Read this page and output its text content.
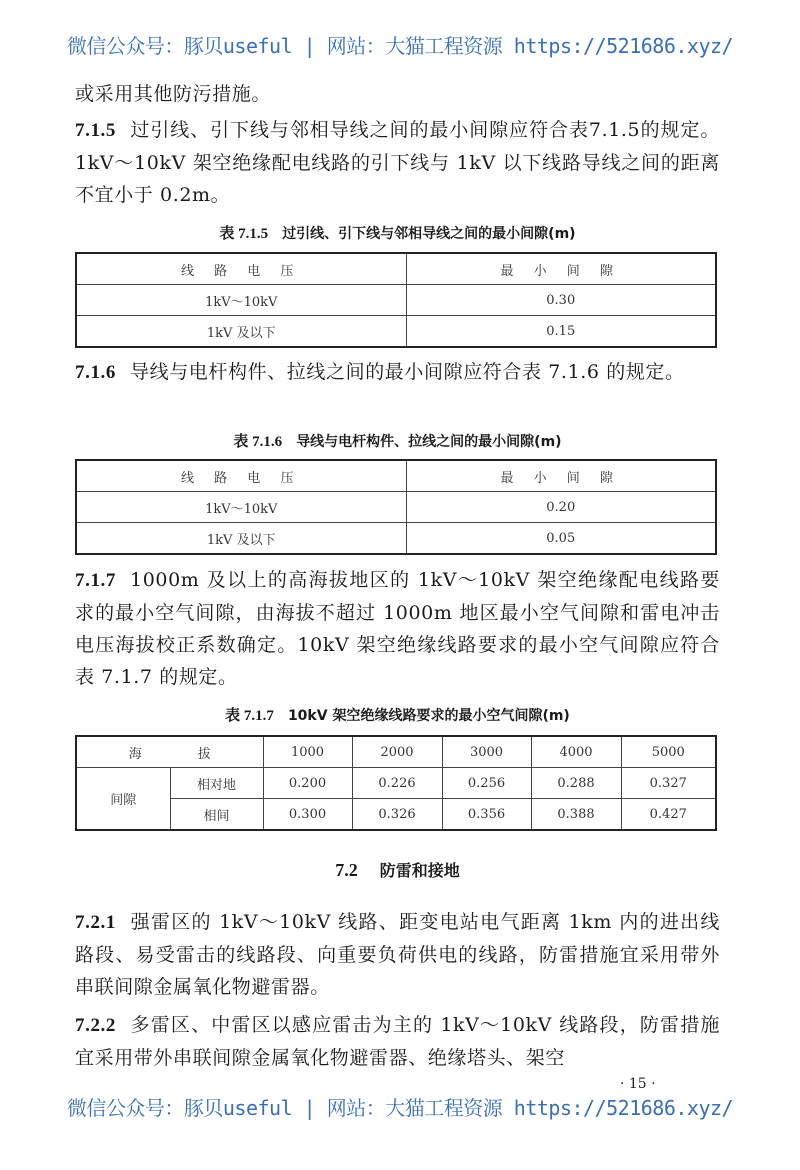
微信公众号：豚贝useful | 网站：大猫工程资源 https://521686.xyz/
或采用其他防污措施。
7.1.5 过引线、引下线与邻相导线之间的最小间隙应符合表7.1.5的规定。1kV～10kV 架空绝缘配电线路的引下线与 1kV 以下线路导线之间的距离不宜小于 0.2m。
表 7.1.5 过引线、引下线与邻相导线之间的最小间隙(m)
线 路 电 压	最 小 间 隙
1kV～10kV	0.30
1kV 及以下	0.15
7.1.6 导线与电杆构件、拉线之间的最小间隙应符合表 7.1.6 的规定。
表 7.1.6 导线与电杆构件、拉线之间的最小间隙(m)
线 路 电 压	最 小 间 隙
1kV～10kV	0.20
1kV 及以下	0.05
7.1.7 1000m 及以上的高海拔地区的 1kV～10kV 架空绝缘配电线路要求的最小空气间隙，由海拔不超过 1000m 地区最小空气间隙和雷电冲击电压海拔校正系数确定。10kV 架空绝缘线路要求的最小空气间隙应符合表 7.1.7 的规定。
表 7.1.7 10kV 架空绝缘线路要求的最小空气间隙(m)
海 拔		1000	2000	3000	4000	5000
间隙	相对地	0.200	0.226	0.256	0.288	0.327
	相间	0.300	0.326	0.356	0.388	0.427
7.2 防雷和接地
7.2.1 强雷区的 1kV～10kV 线路、距变电站电气距离 1km 内的进出线路段、易受雷击的线路段、向重要负荷供电的线路，防雷措施宜采用带外串联间隙金属氧化物避雷器。
7.2.2 多雷区、中雷区以感应雷击为主的 1kV～10kV 线路段，防雷措施宜采用带外串联间隙金属氧化物避雷器、绝缘塔头、架空
· 15 ·
微信公众号：豚贝useful | 网站：大猫工程资源 https://521686.xyz/
